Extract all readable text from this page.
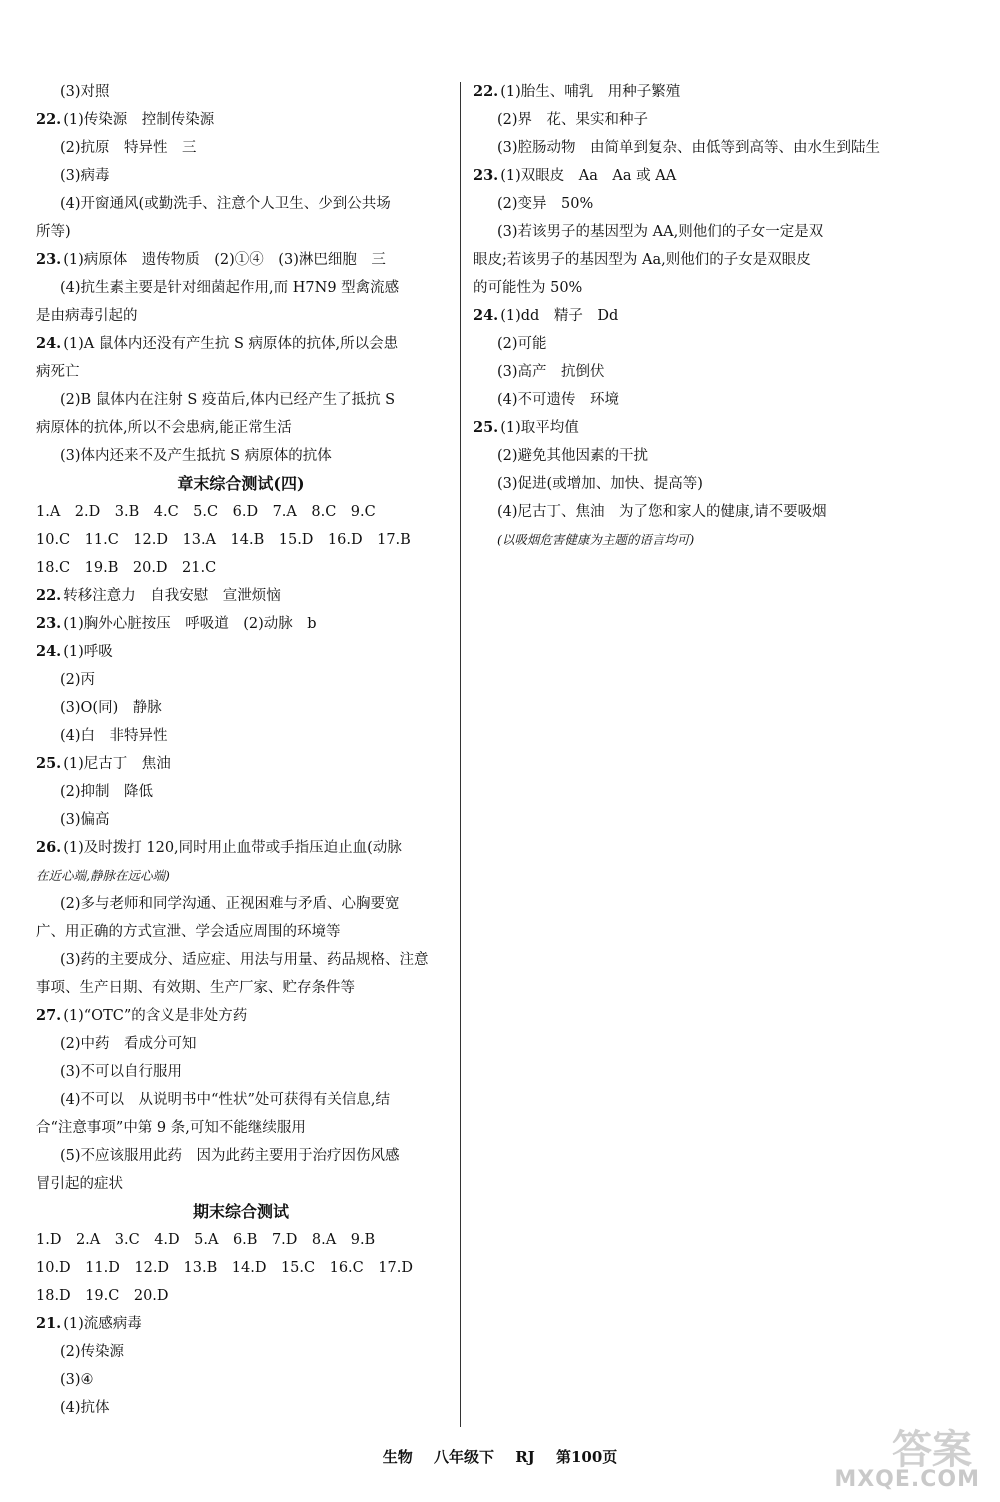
(3)对照
22. (1)传染源　控制传染源
(2)抗原　特异性　三
(3)病毒
(4)开窗通风(或勤洗手、注意个人卫生、少到公共场
所等)
23. (1)病原体　遗传物质　(2)①④　(3)淋巴细胞　三
(4)抗生素主要是针对细菌起作用,而 H7N9 型禽流感
是由病毒引起的
24. (1)A 鼠体内还没有产生抗 S 病原体的抗体,所以会患
病死亡
(2)B 鼠体内在注射 S 疫苗后,体内已经产生了抵抗 S
病原体的抗体,所以不会患病,能正常生活
(3)体内还来不及产生抵抗 S 病原体的抗体
章末综合测试(四)
1.A　2.D　3.B　4.C　5.C　6.D　7.A　8.C　9.C
10.C　11.C　12.D　13.A　14.B　15.D　16.D　17.B
18.C　19.B　20.D　21.C
22. 转移注意力　自我安慰　宣泄烦恼
23. (1)胸外心脏按压　呼吸道　(2)动脉　b
24. (1)呼吸
(2)丙
(3)O(同)　静脉
(4)白　非特异性
25. (1)尼古丁　焦油
(2)抑制　降低
(3)偏高
26. (1)及时拨打 120,同时用止血带或手指压迫止血(动脉
在近心端,静脉在远心端)
(2)多与老师和同学沟通、正视困难与矛盾、心胸要宽
广、用正确的方式宣泄、学会适应周围的环境等
(3)药的主要成分、适应症、用法与用量、药品规格、注意
事项、生产日期、有效期、生产厂家、贮存条件等
27. (1)“OTC”的含义是非处方药
(2)中药　看成分可知
(3)不可以自行服用
(4)不可以　从说明书中“性状”处可获得有关信息,结
合“注意事项”中第 9 条,可知不能继续服用
(5)不应该服用此药　因为此药主要用于治疗因伤风感
冒引起的症状
期末综合测试
1.D　2.A　3.C　4.D　5.A　6.B　7.D　8.A　9.B
10.D　11.D　12.D　13.B　14.D　15.C　16.C　17.D
18.D　19.C　20.D
21. (1)流感病毒
(2)传染源
(3)④
(4)抗体
22. (1)胎生、哺乳　用种子繁殖
(2)界　花、果实和种子
(3)腔肠动物　由简单到复杂、由低等到高等、由水生到陆生
23. (1)双眼皮　Aa　Aa 或 AA
(2)变异　50%
(3)若该男子的基因型为 AA,则他们的子女一定是双
眼皮;若该男子的基因型为 Aa,则他们的子女是双眼皮
的可能性为 50%
24. (1)dd　精子　Dd
(2)可能
(3)高产　抗倒伏
(4)不可遗传　环境
25. (1)取平均值
(2)避免其他因素的干扰
(3)促进(或增加、加快、提高等)
(4)尼古丁、焦油　为了您和家人的健康,请不要吸烟
(以吸烟危害健康为主题的语言均可)
生物 八年级下 RJ 第100页	答案
MXQE.COM
